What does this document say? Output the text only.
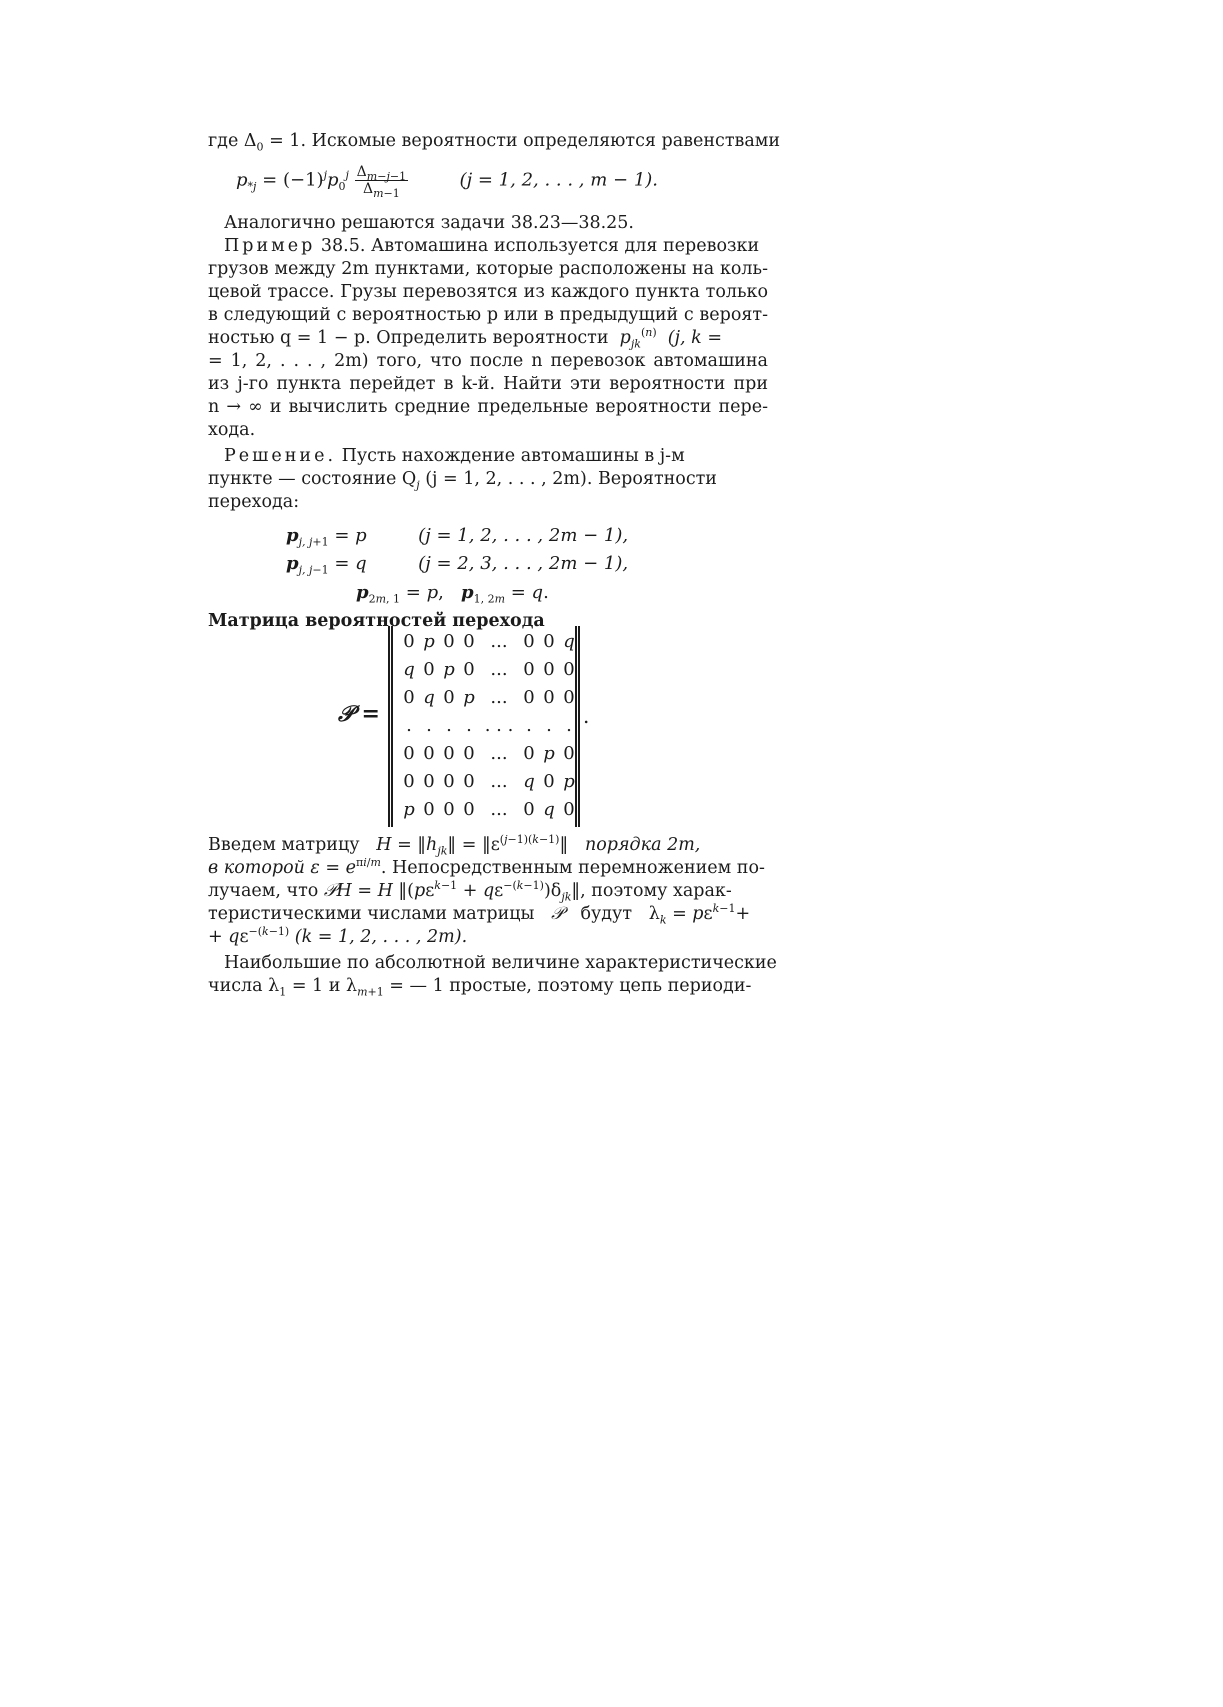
где $\Delta_0 = 1$. Искомые вероятности определяются равенствами
$p_{*j} = (-1)^jp_0^j \frac{\Delta_{m-j-1}}{\Delta_{m-1}}$	(j = 1, 2, . . . , m − 1).
Аналогично решаются задачи 38.23—38.25.
Пример 38.5. Автомашина используется для перевозки
грузов между 2m пунктами, которые расположены на коль-
цевой трассе. Грузы перевозятся из каждого пункта только
в следующий с вероятностью p или в предыдущий с вероят-
ностью q = 1 − p. Определить вероятности $p_{jk}^{(n)}$ (j, k =
= 1, 2, . . . , 2m) того, что после n перевозок автомашина
из j-го пункта перейдет в k-й. Найти эти вероятности при
n → ∞ и вычислить средние предельные вероятности пере-
хода.
Решение. Пусть нахождение автомашины в j-м
пункте — состояние $Q_j$ (j = 1, 2, . . . , 2m). Вероятности
перехода:
$p_{j, j+1} = p$	(j = 1, 2, . . . , 2m − 1),
$p_{j, j-1} = q$	(j = 2, 3, . . . , 2m − 1),
$p_{2m, 1} = p$,   $p_{1, 2m} = q$.
Матрица вероятностей перехода
𝒫 =
0 p 0 0 ... 0 0 q
q 0 p 0 ... 0 0 0
0 q 0 p ... 0 0 0
. . . . . . . . . .
0 0 0 0 ... 0 p 0
0 0 0 0 ... q 0 p
p 0 0 0 ... 0 q 0
.
Введем матрицу $H = ‖h_{jk}‖$ = $‖\varepsilon^{(j-1)(k-1)}‖$   порядка 2m,
в которой $\varepsilon = e^{\pi i/m}$. Непосредственным перемножением по-
лучаем, что 𝒫H = H $‖(p\varepsilon^{k-1}$ + $q\varepsilon^{-(k-1)})\delta_{jk}‖$, поэтому харак-
теристическими числами матрицы 𝒫 будут   $\lambda_k = p\varepsilon^{k-1}+$
+ $q\varepsilon^{-(k-1)}$ (k = 1, 2, . . . , 2m).
Наибольшие по абсолютной величине характеристические
числа $\lambda_1 = 1$ и $\lambda_{m+1}$ = — 1 простые, поэтому цепь периоди-
